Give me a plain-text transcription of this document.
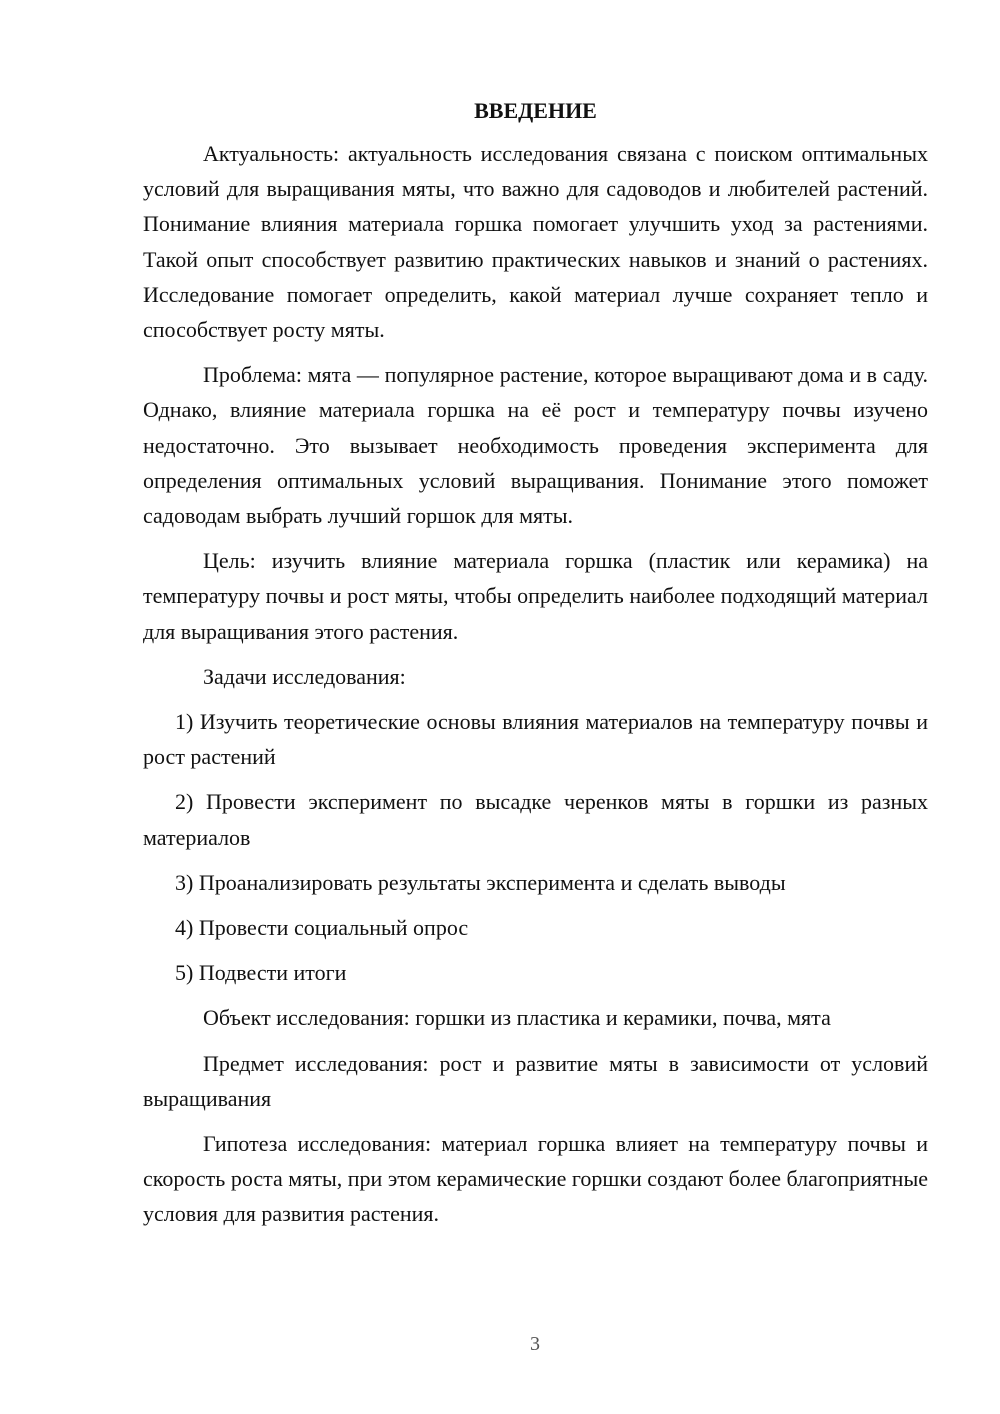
ВВЕДЕНИЕ

Актуальность: актуальность исследования связана с поиском оптимальных условий для выращивания мяты, что важно для садоводов и любителей растений. Понимание влияния материала горшка помогает улучшить уход за растениями. Такой опыт способствует развитию практических навыков и знаний о растениях. Исследование помогает определить, какой материал лучше сохраняет тепло и способствует росту мяты.

Проблема: мята — популярное растение, которое выращивают дома и в саду. Однако, влияние материала горшка на её рост и температуру почвы изучено недостаточно. Это вызывает необходимость проведения эксперимента для определения оптимальных условий выращивания. Понимание этого поможет садоводам выбрать лучший горшок для мяты.

Цель: изучить влияние материала горшка (пластик или керамика) на температуру почвы и рост мяты, чтобы определить наиболее подходящий материал для выращивания этого растения.

Задачи исследования:

1) Изучить теоретические основы влияния материалов на температуру почвы и рост растений

2) Провести эксперимент по высадке черенков мяты в горшки из разных материалов

3) Проанализировать результаты эксперимента и сделать выводы

4) Провести социальный опрос

5) Подвести итоги

Объект исследования: горшки из пластика и керамики, почва, мята

Предмет исследования: рост и развитие мяты в зависимости от условий выращивания

Гипотеза исследования: материал горшка влияет на температуру почвы и скорость роста мяты, при этом керамические горшки создают более благоприятные условия для развития растения.

3
